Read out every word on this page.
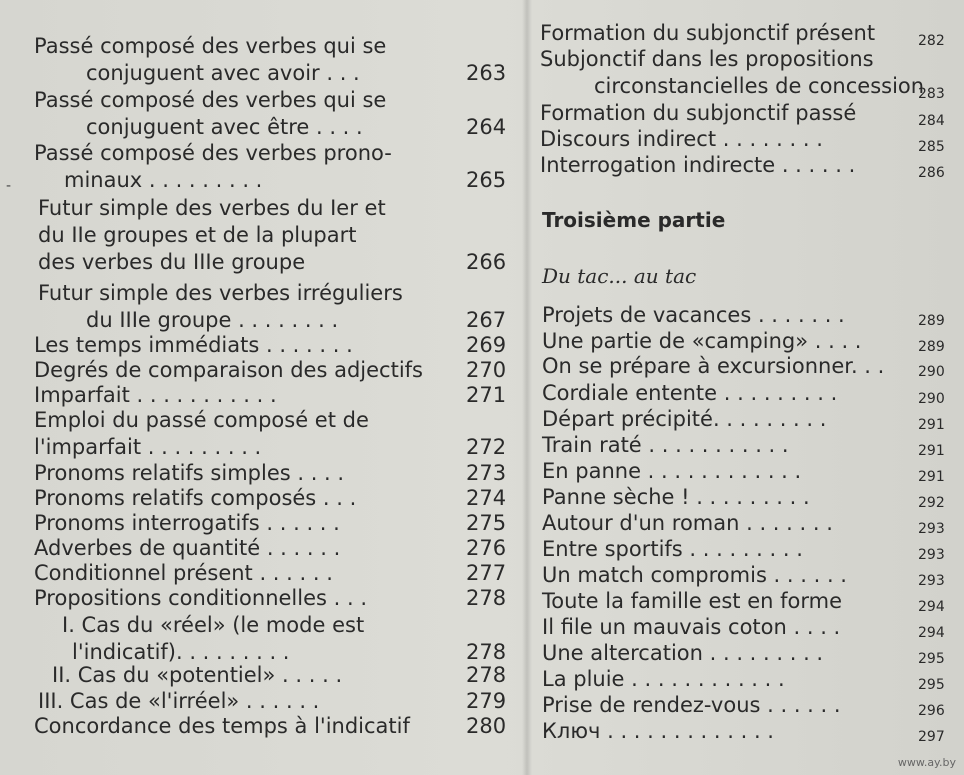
‐
Passé composé des verbes qui se
conjuguent avec avoir . . .	263
Passé composé des verbes qui se
conjuguent avec être . . . .	264
Passé composé des verbes prono-
minaux . . . . . . . . .	265
Futur simple des verbes du Ier et
du IIe groupes et de la plupart
des verbes du IIIe groupe	266
Futur simple des verbes irréguliers
du IIIe groupe . . . . . . . .	267
Les temps immédiats . . . . . . .	269
Degrés de comparaison des adjectifs 270
Imparfait . . . . . . . . . . .	271
Emploi du passé composé et de
l'imparfait . . . . . . . . .	272
Pronoms relatifs simples . . . .	273
Pronoms relatifs composés . . .	274
Pronoms interrogatifs . . . . . .	275
Adverbes de quantité . . . . . .	276
Conditionnel présent . . . . . .	277
Propositions conditionnelles . . .	278
I. Cas du «réel» (le mode est
l'indicatif). . . . . . . . .	278
II. Cas du «potentiel» . . . . .	278
III. Cas de «l'irréel» . . . . . .	279
Concordance des temps à l'indicatif	280
Troisième partie
Du tac... au tac
Formation du subjonctif présent	282
Subjonctif dans les propositions
circonstancielles de concession
283
Formation du subjonctif passé	284
Discours indirect . . . . . . . .	285
Interrogation indirecte . . . . . .	286
Projets de vacances . . . . . . .	289
Une partie de «camping» . . . .	289
On se prépare à excursionner. . . 290
Cordiale entente . . . . . . . . .	290
Départ précipité. . . . . . . . .	291
Train raté . . . . . . . . . . .	291
En panne . . . . . . . . . . . .	291
Panne sèche ! . . . . . . . . .	292
Autour d'un roman . . . . . . .	293
Entre sportifs . . . . . . . . .	293
Un match compromis . . . . . .	293
Toute la famille est en forme	294
Il file un mauvais coton . . . .	294
Une altercation . . . . . . . . .	295
La pluie . . . . . . . . . . . .	295
Prise de rendez-vous . . . . . .	296
Ключ . . . . . . . . . . . . .	297
www.ay.by
